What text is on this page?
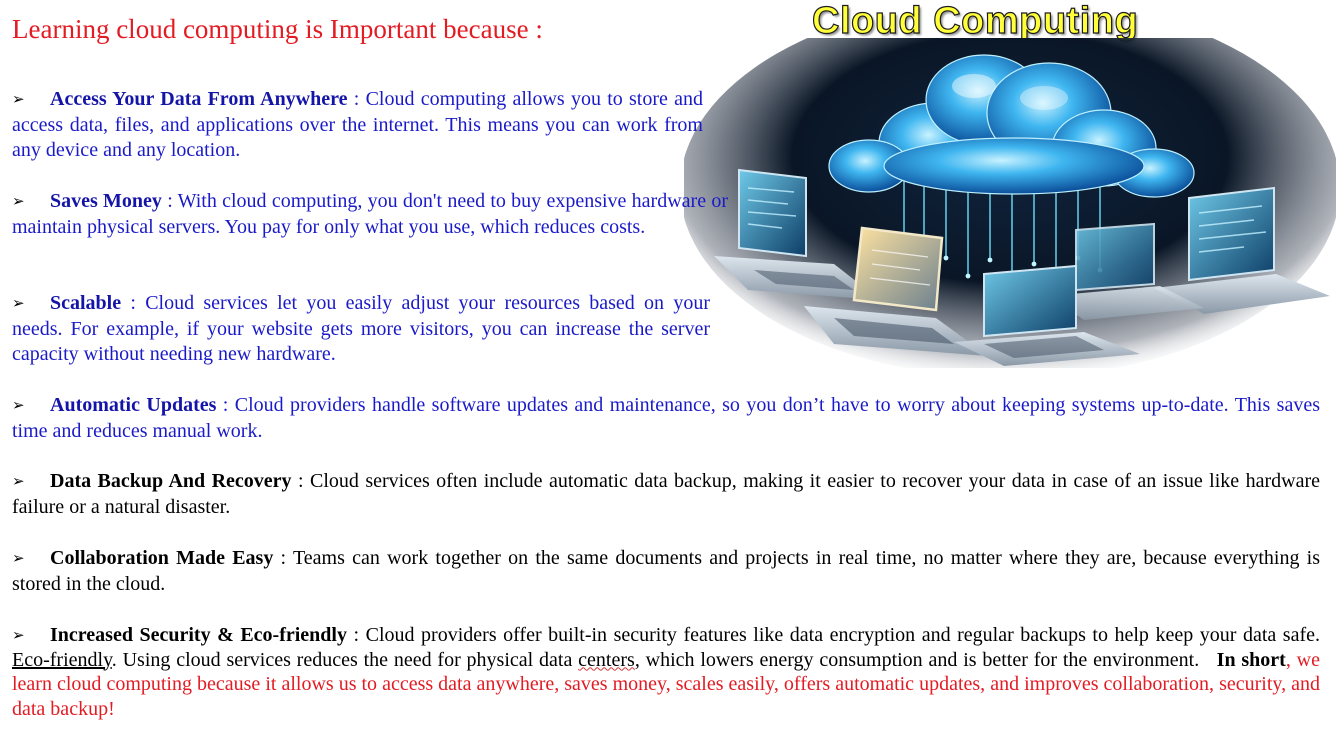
Learning cloud computing is Important because :	Cloud Computing

➢ Access Your Data From Anywhere : Cloud computing allows you to store and access data, files, and applications over the internet. This means you can work from any device and any location.

➢ Saves Money : With cloud computing, you don't need to buy expensive hardware or maintain physical servers. You pay for only what you use, which reduces costs.

➢ Scalable : Cloud services let you easily adjust your resources based on your needs. For example, if your website gets more visitors, you can increase the server capacity without needing new hardware.

➢ Automatic Updates : Cloud providers handle software updates and maintenance, so you don’t have to worry about keeping systems up-to-date. This saves time and reduces manual work.

➢ Data Backup And Recovery : Cloud services often include automatic data backup, making it easier to recover your data in case of an issue like hardware failure or a natural disaster.

➢ Collaboration Made Easy : Teams can work together on the same documents and projects in real time, no matter where they are, because everything is stored in the cloud.

➢ Increased Security & Eco-friendly : Cloud providers offer built-in security features like data encryption and regular backups to help keep your data safe. Eco-friendly. Using cloud services reduces the need for physical data centers, which lowers energy consumption and is better for the environment. In short, we learn cloud computing because it allows us to access data anywhere, saves money, scales easily, offers automatic updates, and improves collaboration, security, and data backup!
